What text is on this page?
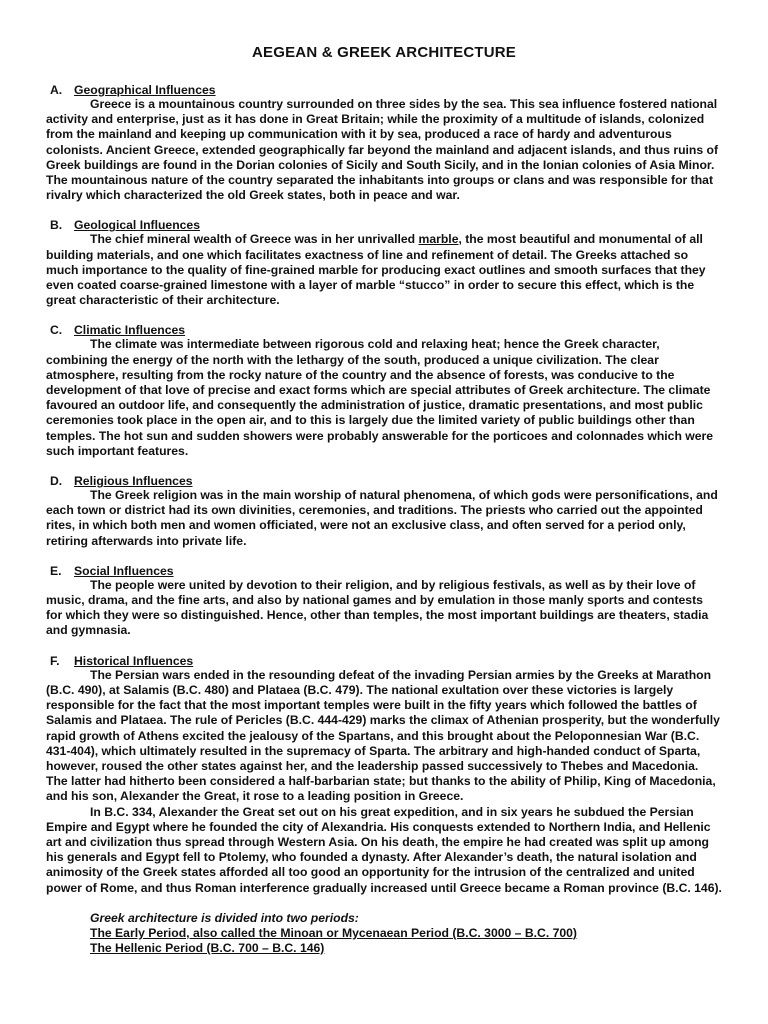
AEGEAN & GREEK ARCHITECTURE
A. Geographical Influences

Greece is a mountainous country surrounded on three sides by the sea. This sea influence fostered national activity and enterprise, just as it has done in Great Britain; while the proximity of a multitude of islands, colonized from the mainland and keeping up communication with it by sea, produced a race of hardy and adventurous colonists. Ancient Greece, extended geographically far beyond the mainland and adjacent islands, and thus ruins of Greek buildings are found in the Dorian colonies of Sicily and South Sicily, and in the Ionian colonies of Asia Minor. The mountainous nature of the country separated the inhabitants into groups or clans and was responsible for that rivalry which characterized the old Greek states, both in peace and war.

B. Geological Influences

The chief mineral wealth of Greece was in her unrivalled marble, the most beautiful and monumental of all building materials, and one which facilitates exactness of line and refinement of detail. The Greeks attached so much importance to the quality of fine-grained marble for producing exact outlines and smooth surfaces that they even coated coarse-grained limestone with a layer of marble “stucco” in order to secure this effect, which is the great characteristic of their architecture.

C. Climatic Influences

The climate was intermediate between rigorous cold and relaxing heat; hence the Greek character, combining the energy of the north with the lethargy of the south, produced a unique civilization. The clear atmosphere, resulting from the rocky nature of the country and the absence of forests, was conducive to the development of that love of precise and exact forms which are special attributes of Greek architecture. The climate favoured an outdoor life, and consequently the administration of justice, dramatic presentations, and most public ceremonies took place in the open air, and to this is largely due the limited variety of public buildings other than temples. The hot sun and sudden showers were probably answerable for the porticoes and colonnades which were such important features.

D. Religious Influences

The Greek religion was in the main worship of natural phenomena, of which gods were personifications, and each town or district had its own divinities, ceremonies, and traditions. The priests who carried out the appointed rites, in which both men and women officiated, were not an exclusive class, and often served for a period only, retiring afterwards into private life.

E. Social Influences

The people were united by devotion to their religion, and by religious festivals, as well as by their love of music, drama, and the fine arts, and also by national games and by emulation in those manly sports and contests for which they were so distinguished. Hence, other than temples, the most important buildings are theaters, stadia and gymnasia.

F. Historical Influences

The Persian wars ended in the resounding defeat of the invading Persian armies by the Greeks at Marathon (B.C. 490), at Salamis (B.C. 480) and Plataea (B.C. 479). The national exultation over these victories is largely responsible for the fact that the most important temples were built in the fifty years which followed the battles of Salamis and Plataea. The rule of Pericles (B.C. 444-429) marks the climax of Athenian prosperity, but the wonderfully rapid growth of Athens excited the jealousy of the Spartans, and this brought about the Peloponnesian War (B.C. 431-404), which ultimately resulted in the supremacy of Sparta. The arbitrary and high-handed conduct of Sparta, however, roused the other states against her, and the leadership passed successively to Thebes and Macedonia. The latter had hitherto been considered a half-barbarian state; but thanks to the ability of Philip, King of Macedonia, and his son, Alexander the Great, it rose to a leading position in Greece.

In B.C. 334, Alexander the Great set out on his great expedition, and in six years he subdued the Persian Empire and Egypt where he founded the city of Alexandria. His conquests extended to Northern India, and Hellenic art and civilization thus spread through Western Asia. On his death, the empire he had created was split up among his generals and Egypt fell to Ptolemy, who founded a dynasty. After Alexander’s death, the natural isolation and animosity of the Greek states afforded all too good an opportunity for the intrusion of the centralized and united power of Rome, and thus Roman interference gradually increased until Greece became a Roman province (B.C. 146).

Greek architecture is divided into two periods:
The Early Period, also called the Minoan or Mycenaean Period (B.C. 3000 – B.C. 700)
The Hellenic Period (B.C. 700 – B.C. 146)
